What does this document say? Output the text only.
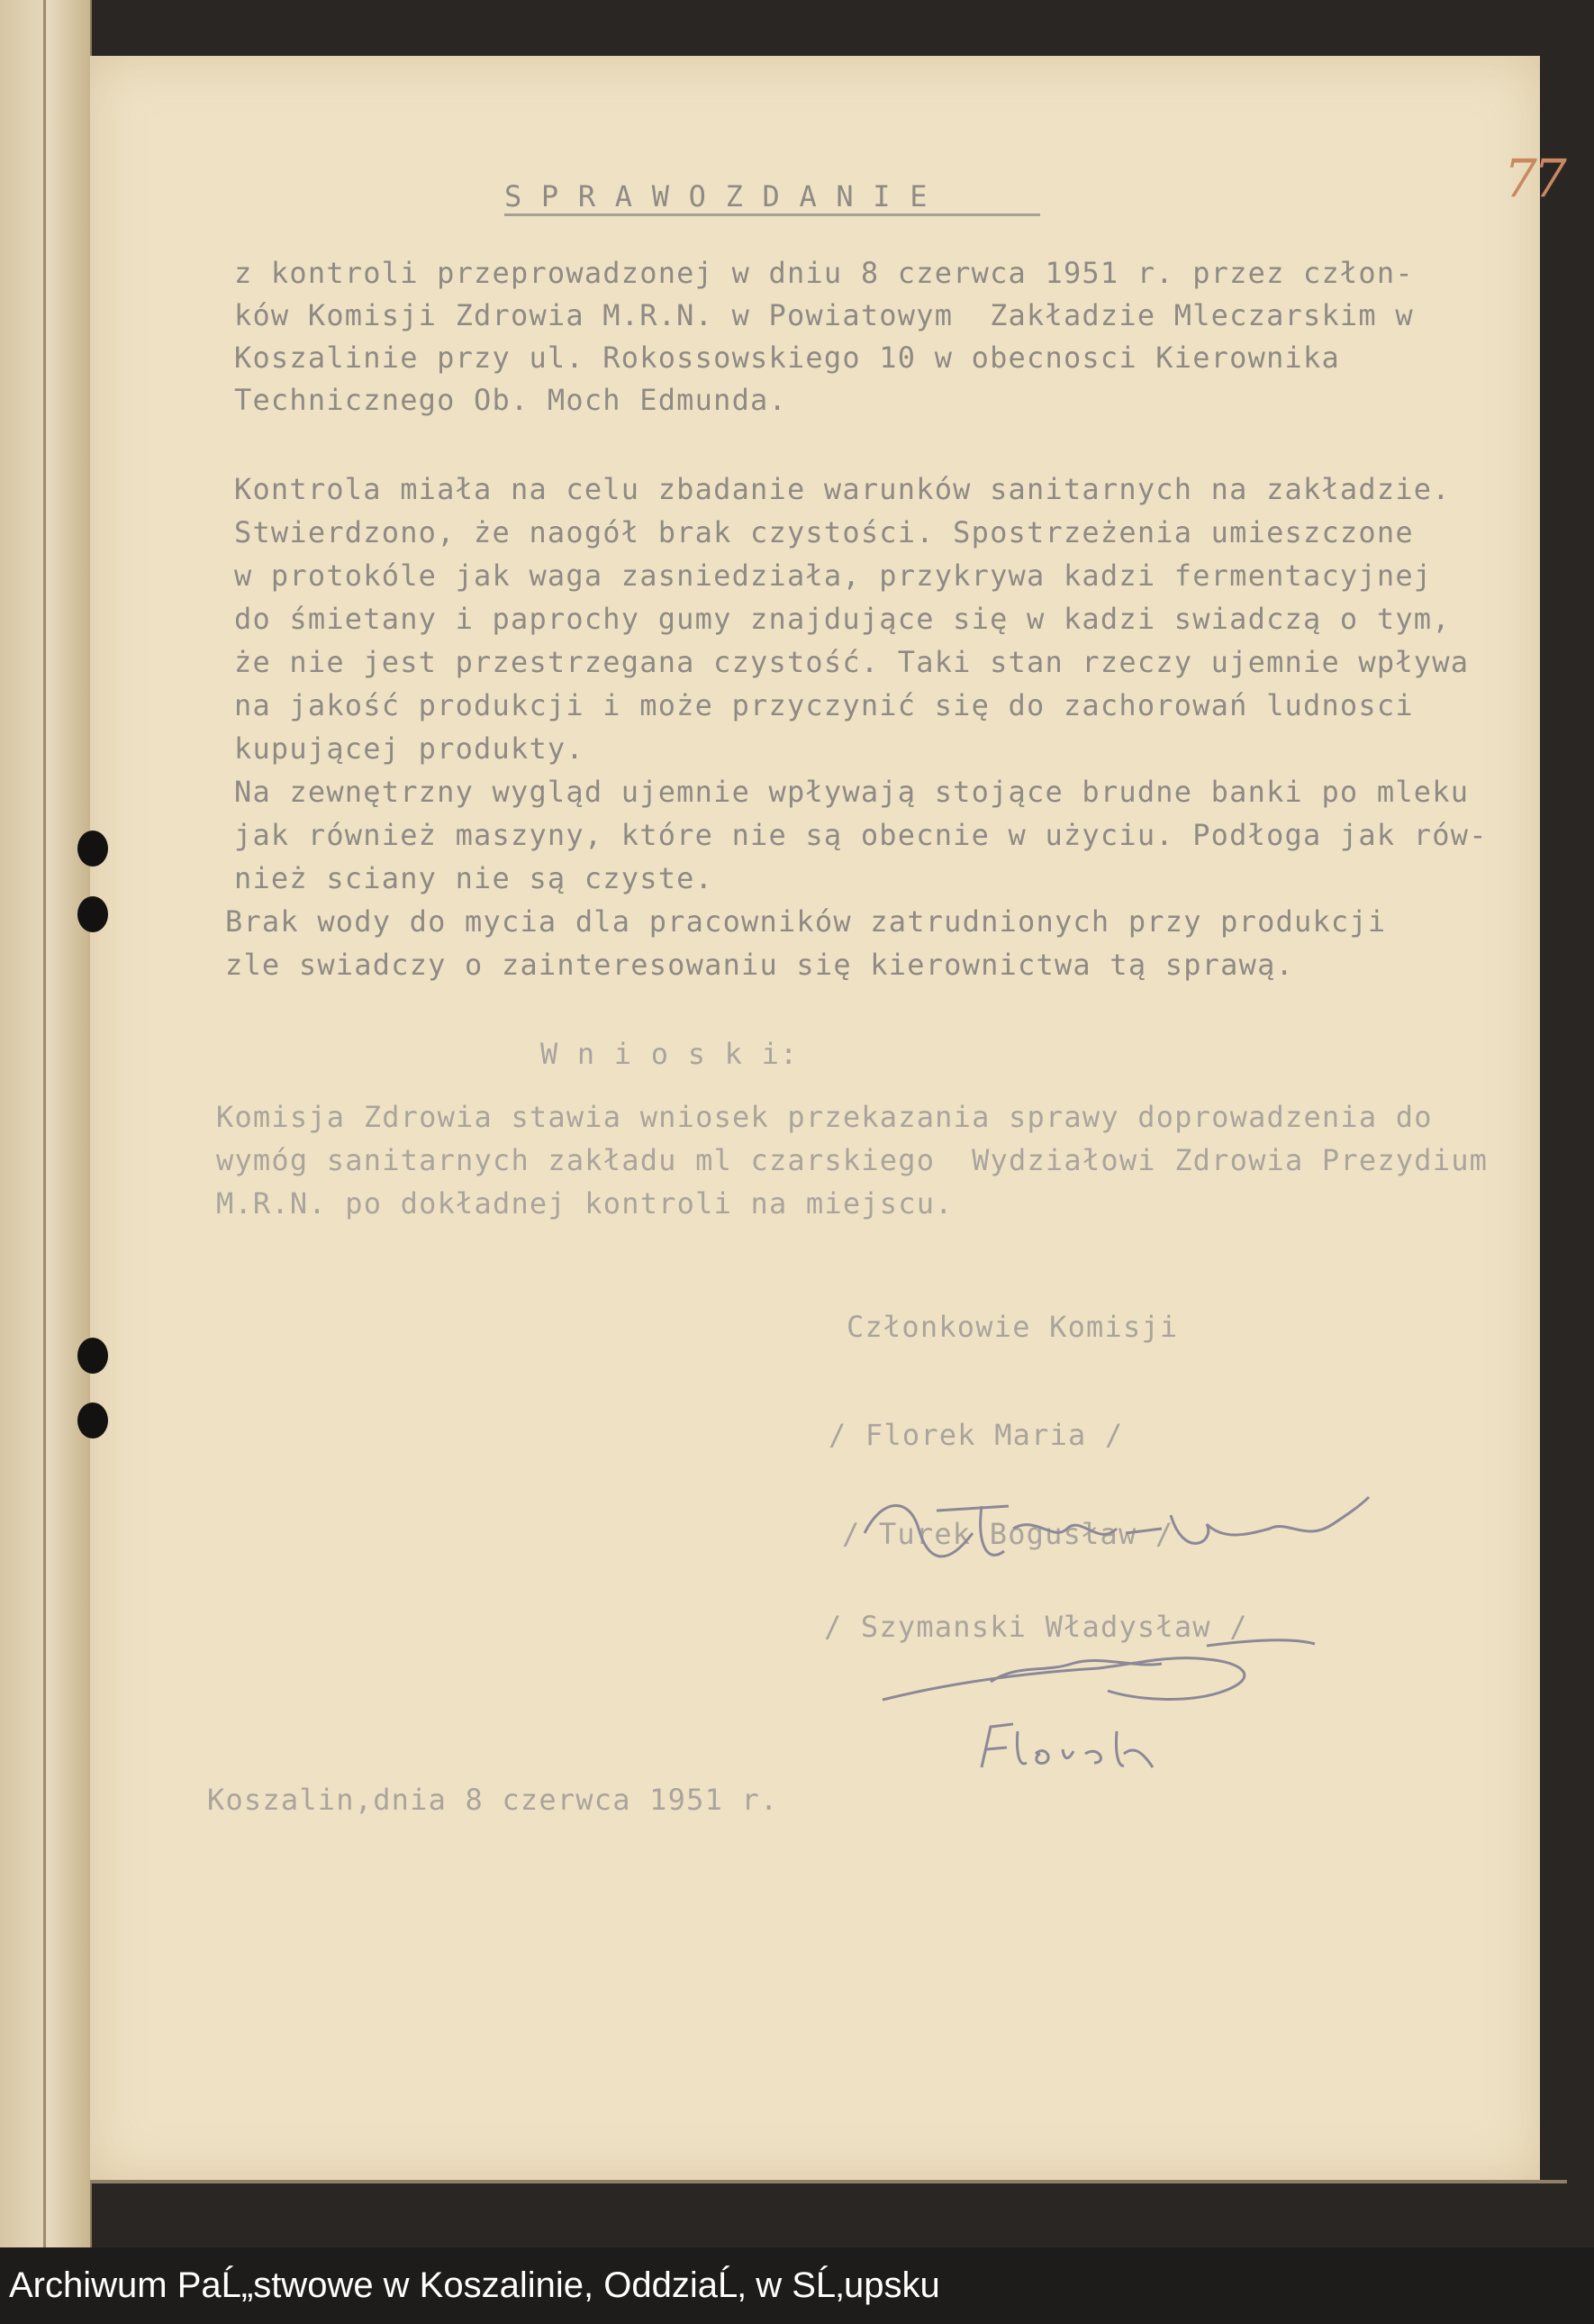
77
S P R A W O Z D A N I E
z kontroli przeprowadzonej w dniu 8 czerwca 1951 r. przez człon-
ków Komisji Zdrowia M.R.N. w Powiatowym  Zakładzie Mleczarskim w
Koszalinie przy ul. Rokossowskiego 10 w obecnosci Kierownika
Technicznego Ob. Moch Edmunda.
Kontrola miała na celu zbadanie warunków sanitarnych na zakładzie.
Stwierdzono, że naogół brak czystości. Spostrzeżenia umieszczone
w protokóle jak waga zasniedziała, przykrywa kadzi fermentacyjnej
do śmietany i paprochy gumy znajdujące się w kadzi swiadczą o tym,
że nie jest przestrzegana czystość. Taki stan rzeczy ujemnie wpływa
na jakość produkcji i może przyczynić się do zachorowań ludnosci
kupującej produkty.
Na zewnętrzny wygląd ujemnie wpływają stojące brudne banki po mleku
jak również maszyny, które nie są obecnie w użyciu. Podłoga jak rów-
nież sciany nie są czyste.
Brak wody do mycia dla pracowników zatrudnionych przy produkcji
zle swiadczy o zainteresowaniu się kierownictwa tą sprawą.
W n i o s k i:
Komisja Zdrowia stawia wniosek przekazania sprawy doprowadzenia do
wymóg sanitarnych zakładu ml czarskiego  Wydziałowi Zdrowia Prezydium
M.R.N. po dokładnej kontroli na miejscu.
Członkowie Komisji
/ Florek Maria /
/ Turek Bogusław /
/ Szymanski Władysław /
Koszalin,dnia 8 czerwca 1951 r.
Archiwum PaĹ„stwowe w Koszalinie, OddziaĹ‚ w SĹ‚upsku
